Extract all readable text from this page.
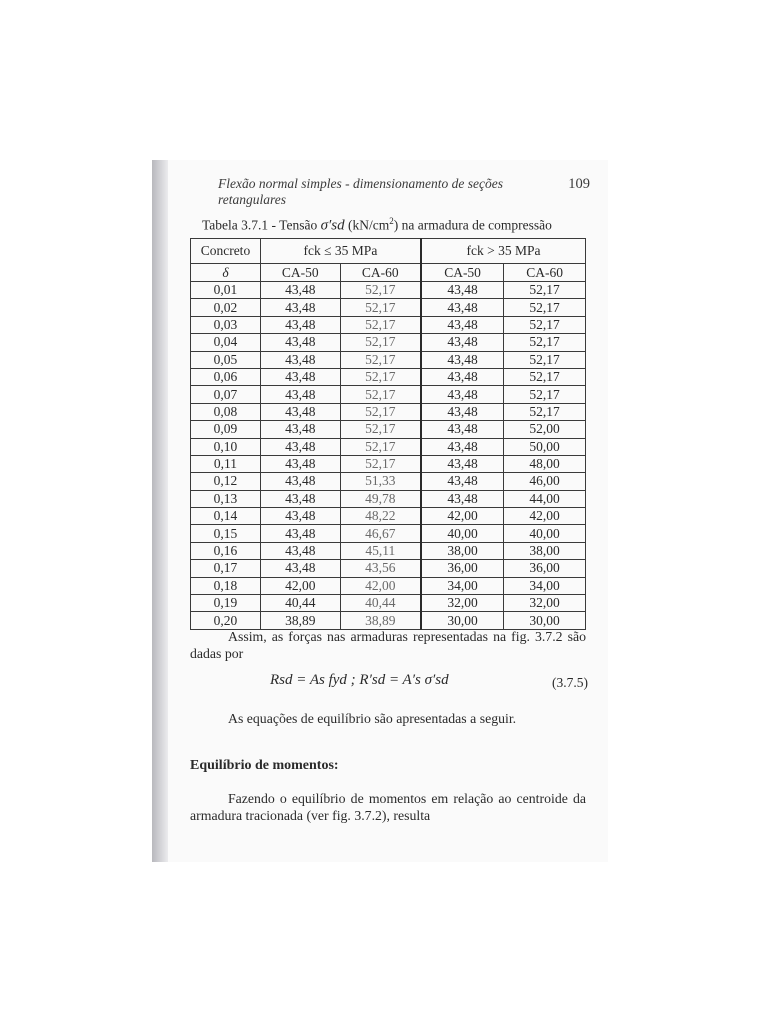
Flexão normal simples - dimensionamento de seções retangulares
109
Tabela 3.7.1 - Tensão σ′sd $(kN/cm^2)$ na armadura de compressão
Concreto	fck ≤ 35 MPa		fck > 35 MPa	
δ	CA-50	CA-60	CA-50	CA-60
0,01	43,48	52,17	43,48	52,17
0,02	43,48	52,17	43,48	52,17
0,03	43,48	52,17	43,48	52,17
0,04	43,48	52,17	43,48	52,17
0,05	43,48	52,17	43,48	52,17
0,06	43,48	52,17	43,48	52,17
0,07	43,48	52,17	43,48	52,17
0,08	43,48	52,17	43,48	52,17
0,09	43,48	52,17	43,48	52,00
0,10	43,48	52,17	43,48	50,00
0,11	43,48	52,17	43,48	48,00
0,12	43,48	51,33	43,48	46,00
0,13	43,48	49,78	43,48	44,00
0,14	43,48	48,22	42,00	42,00
0,15	43,48	46,67	40,00	40,00
0,16	43,48	45,11	38,00	38,00
0,17	43,48	43,56	36,00	36,00
0,18	42,00	42,00	34,00	34,00
0,19	40,44	40,44	32,00	32,00
0,20	38,89	38,89	30,00	30,00
Assim, as forças nas armaduras representadas na fig. 3.7.2 são dadas por
Rsd = As fyd ; R′sd = A′s σ′sd	(3.7.5)
As equações de equilíbrio são apresentadas a seguir.
Equilíbrio de momentos:
Fazendo o equilíbrio de momentos em relação ao centroide da armadura tracionada (ver fig. 3.7.2), resulta
